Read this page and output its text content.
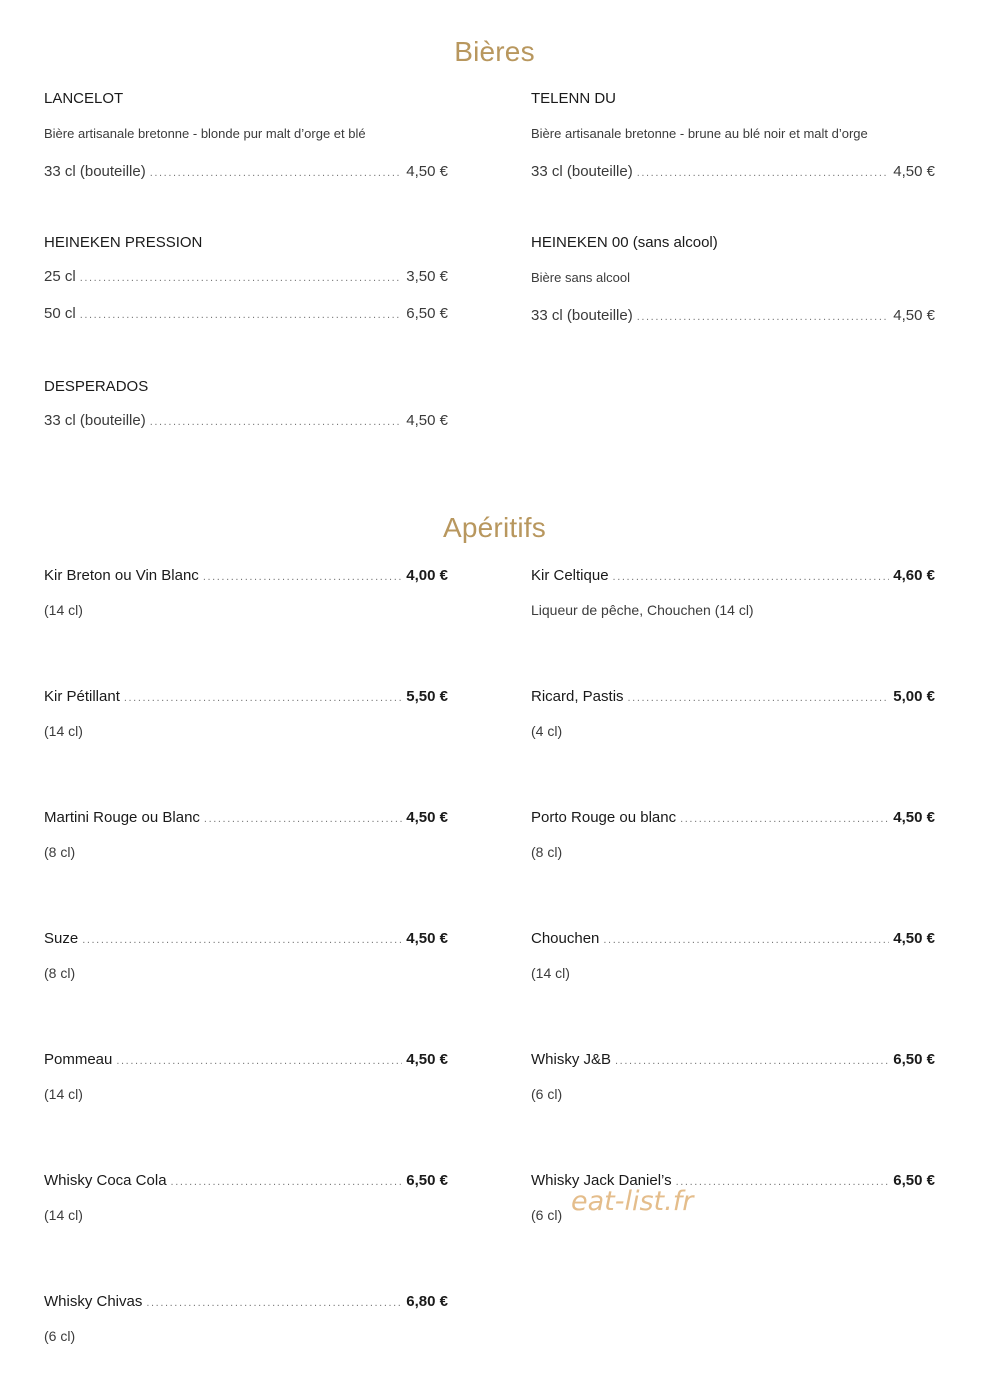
Bières
LANCELOT
Bière artisanale bretonne - blonde pur malt d’orge et blé
33 cl (bouteille) .....	4,50 €
TELENN DU
Bière artisanale bretonne - brune au blé noir et malt d’orge
33 cl (bouteille) .....	4,50 €
HEINEKEN PRESSION
25 cl .....	3,50 €
50 cl .....	6,50 €
HEINEKEN 00 (sans alcool)
Bière sans alcool
33 cl (bouteille) .....	4,50 €
DESPERADOS
33 cl (bouteille) .....	4,50 €
Apéritifs
Kir Breton ou Vin Blanc .....	4,00 €
(14 cl)
Kir Celtique .....	4,60 €
Liqueur de pêche, Chouchen (14 cl)
Kir Pétillant .....	5,50 €
(14 cl)
Ricard, Pastis .....	5,00 €
(4 cl)
Martini Rouge ou Blanc .....	4,50 €
(8 cl)
Porto Rouge ou blanc .....	4,50 €
(8 cl)
Suze .....	4,50 €
(8 cl)
Chouchen .....	4,50 €
(14 cl)
Pommeau .....	4,50 €
(14 cl)
Whisky J&B .....	6,50 €
(6 cl)
Whisky Coca Cola .....	6,50 €
(14 cl)
Whisky Jack Daniel’s .....	6,50 €
(6 cl)
Whisky Chivas .....	6,80 €
(6 cl)
eat-list.fr
